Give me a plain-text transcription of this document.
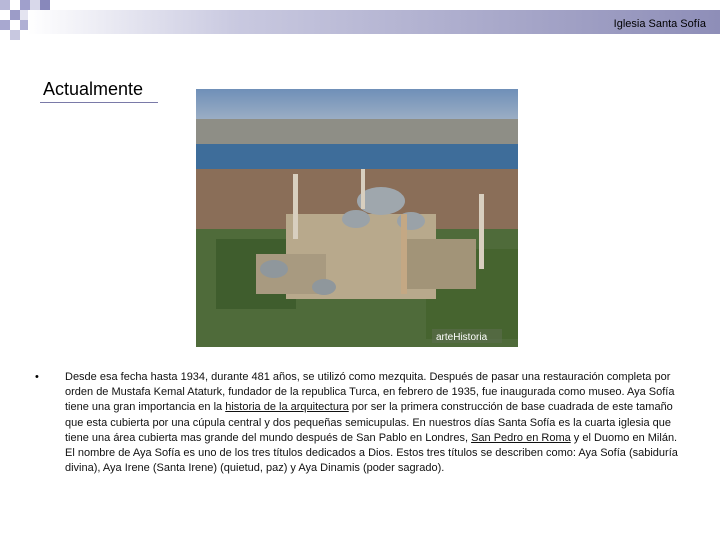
Iglesia Santa Sofía
Actualmente
arteHistoria
• Desde esa fecha hasta 1934, durante 481 años, se utilizó como mezquita. Después de pasar una restauración completa por orden de Mustafa Kemal Ataturk, fundador de la republica Turca, en febrero de 1935, fue inaugurada como museo. Aya Sofía tiene una gran importancia en la historia de la arquitectura por ser la primera construcción de base cuadrada de este tamaño que esta cubierta por una cúpula central y dos pequeñas semicupulas. En nuestros días Santa Sofía es la cuarta iglesia que tiene una área cubierta mas grande del mundo después de San Pablo en Londres, San Pedro en Roma y el Duomo en Milán. El nombre de Aya Sofía es uno de los tres títulos dedicados a Dios. Estos tres títulos se describen como: Aya Sofía (sabiduría divina), Aya Irene (Santa Irene) (quietud, paz) y Aya Dinamis (poder sagrado).
